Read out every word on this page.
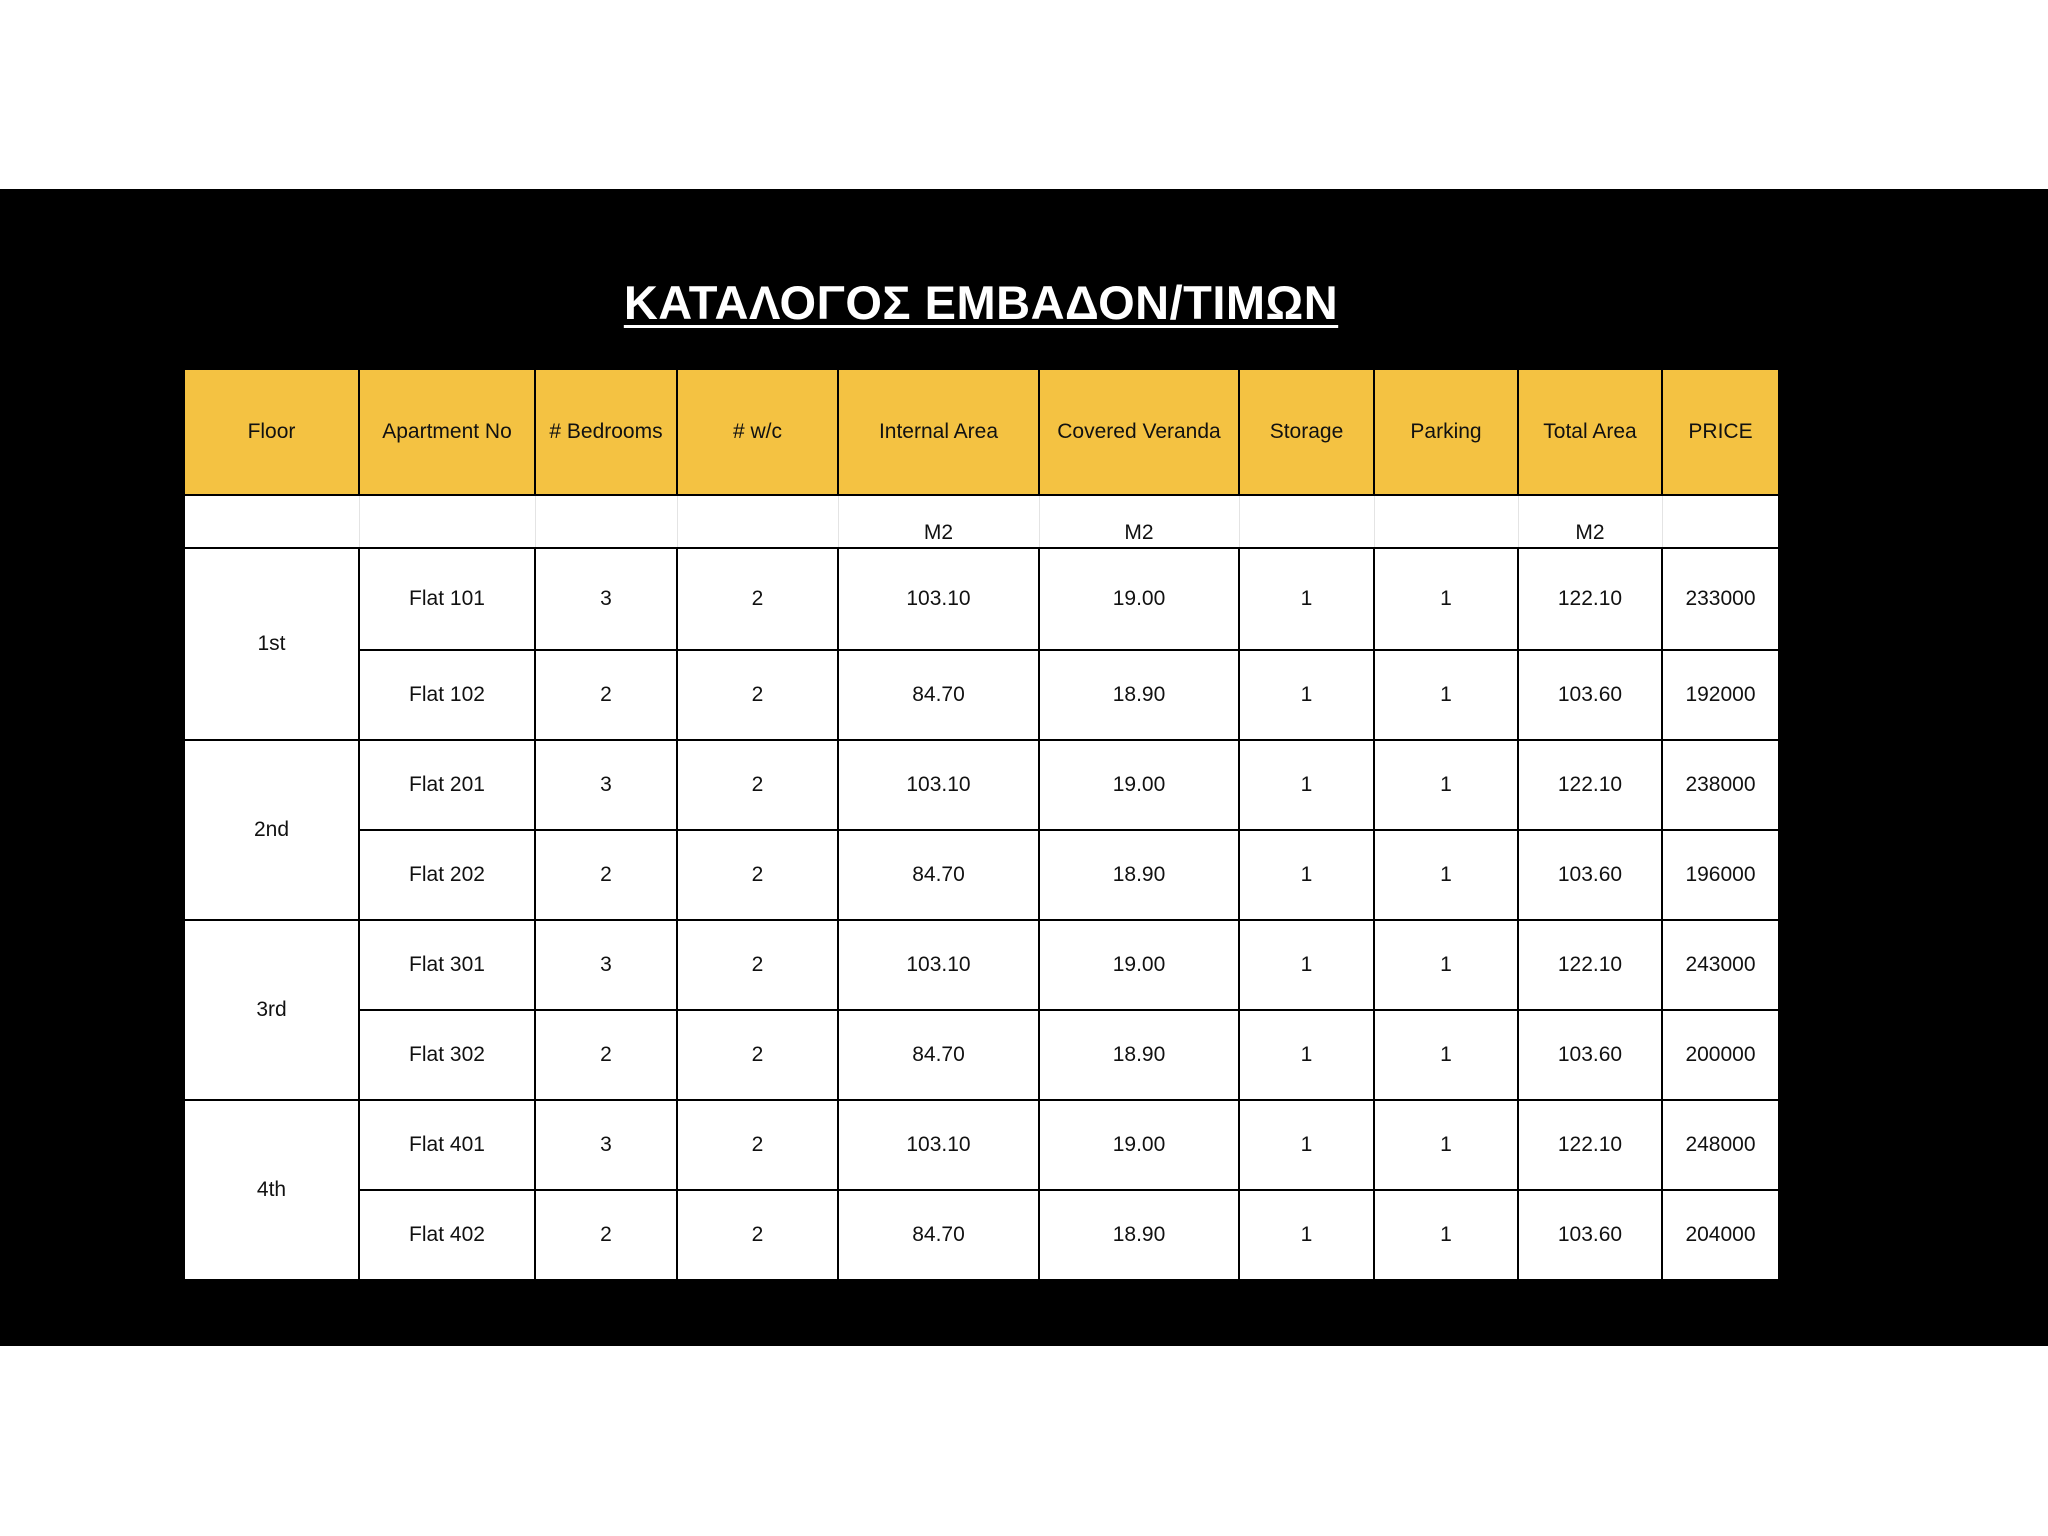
ΚΑΤΑΛΟΓΟΣ ΕΜΒΑΔΟΝ/ΤΙΜΩΝ
Floor	Apartment No	# Bedrooms	# w/c	Internal Area	Covered Veranda	Storage	Parking	Total Area	PRICE
				M2	M2			M2	
1st	Flat 101	3	2	103.10	19.00	1	1	122.10	233000
	Flat 102	2	2	84.70	18.90	1	1	103.60	192000
2nd	Flat 201	3	2	103.10	19.00	1	1	122.10	238000
	Flat 202	2	2	84.70	18.90	1	1	103.60	196000
3rd	Flat 301	3	2	103.10	19.00	1	1	122.10	243000
	Flat 302	2	2	84.70	18.90	1	1	103.60	200000
4th	Flat 401	3	2	103.10	19.00	1	1	122.10	248000
	Flat 402	2	2	84.70	18.90	1	1	103.60	204000
